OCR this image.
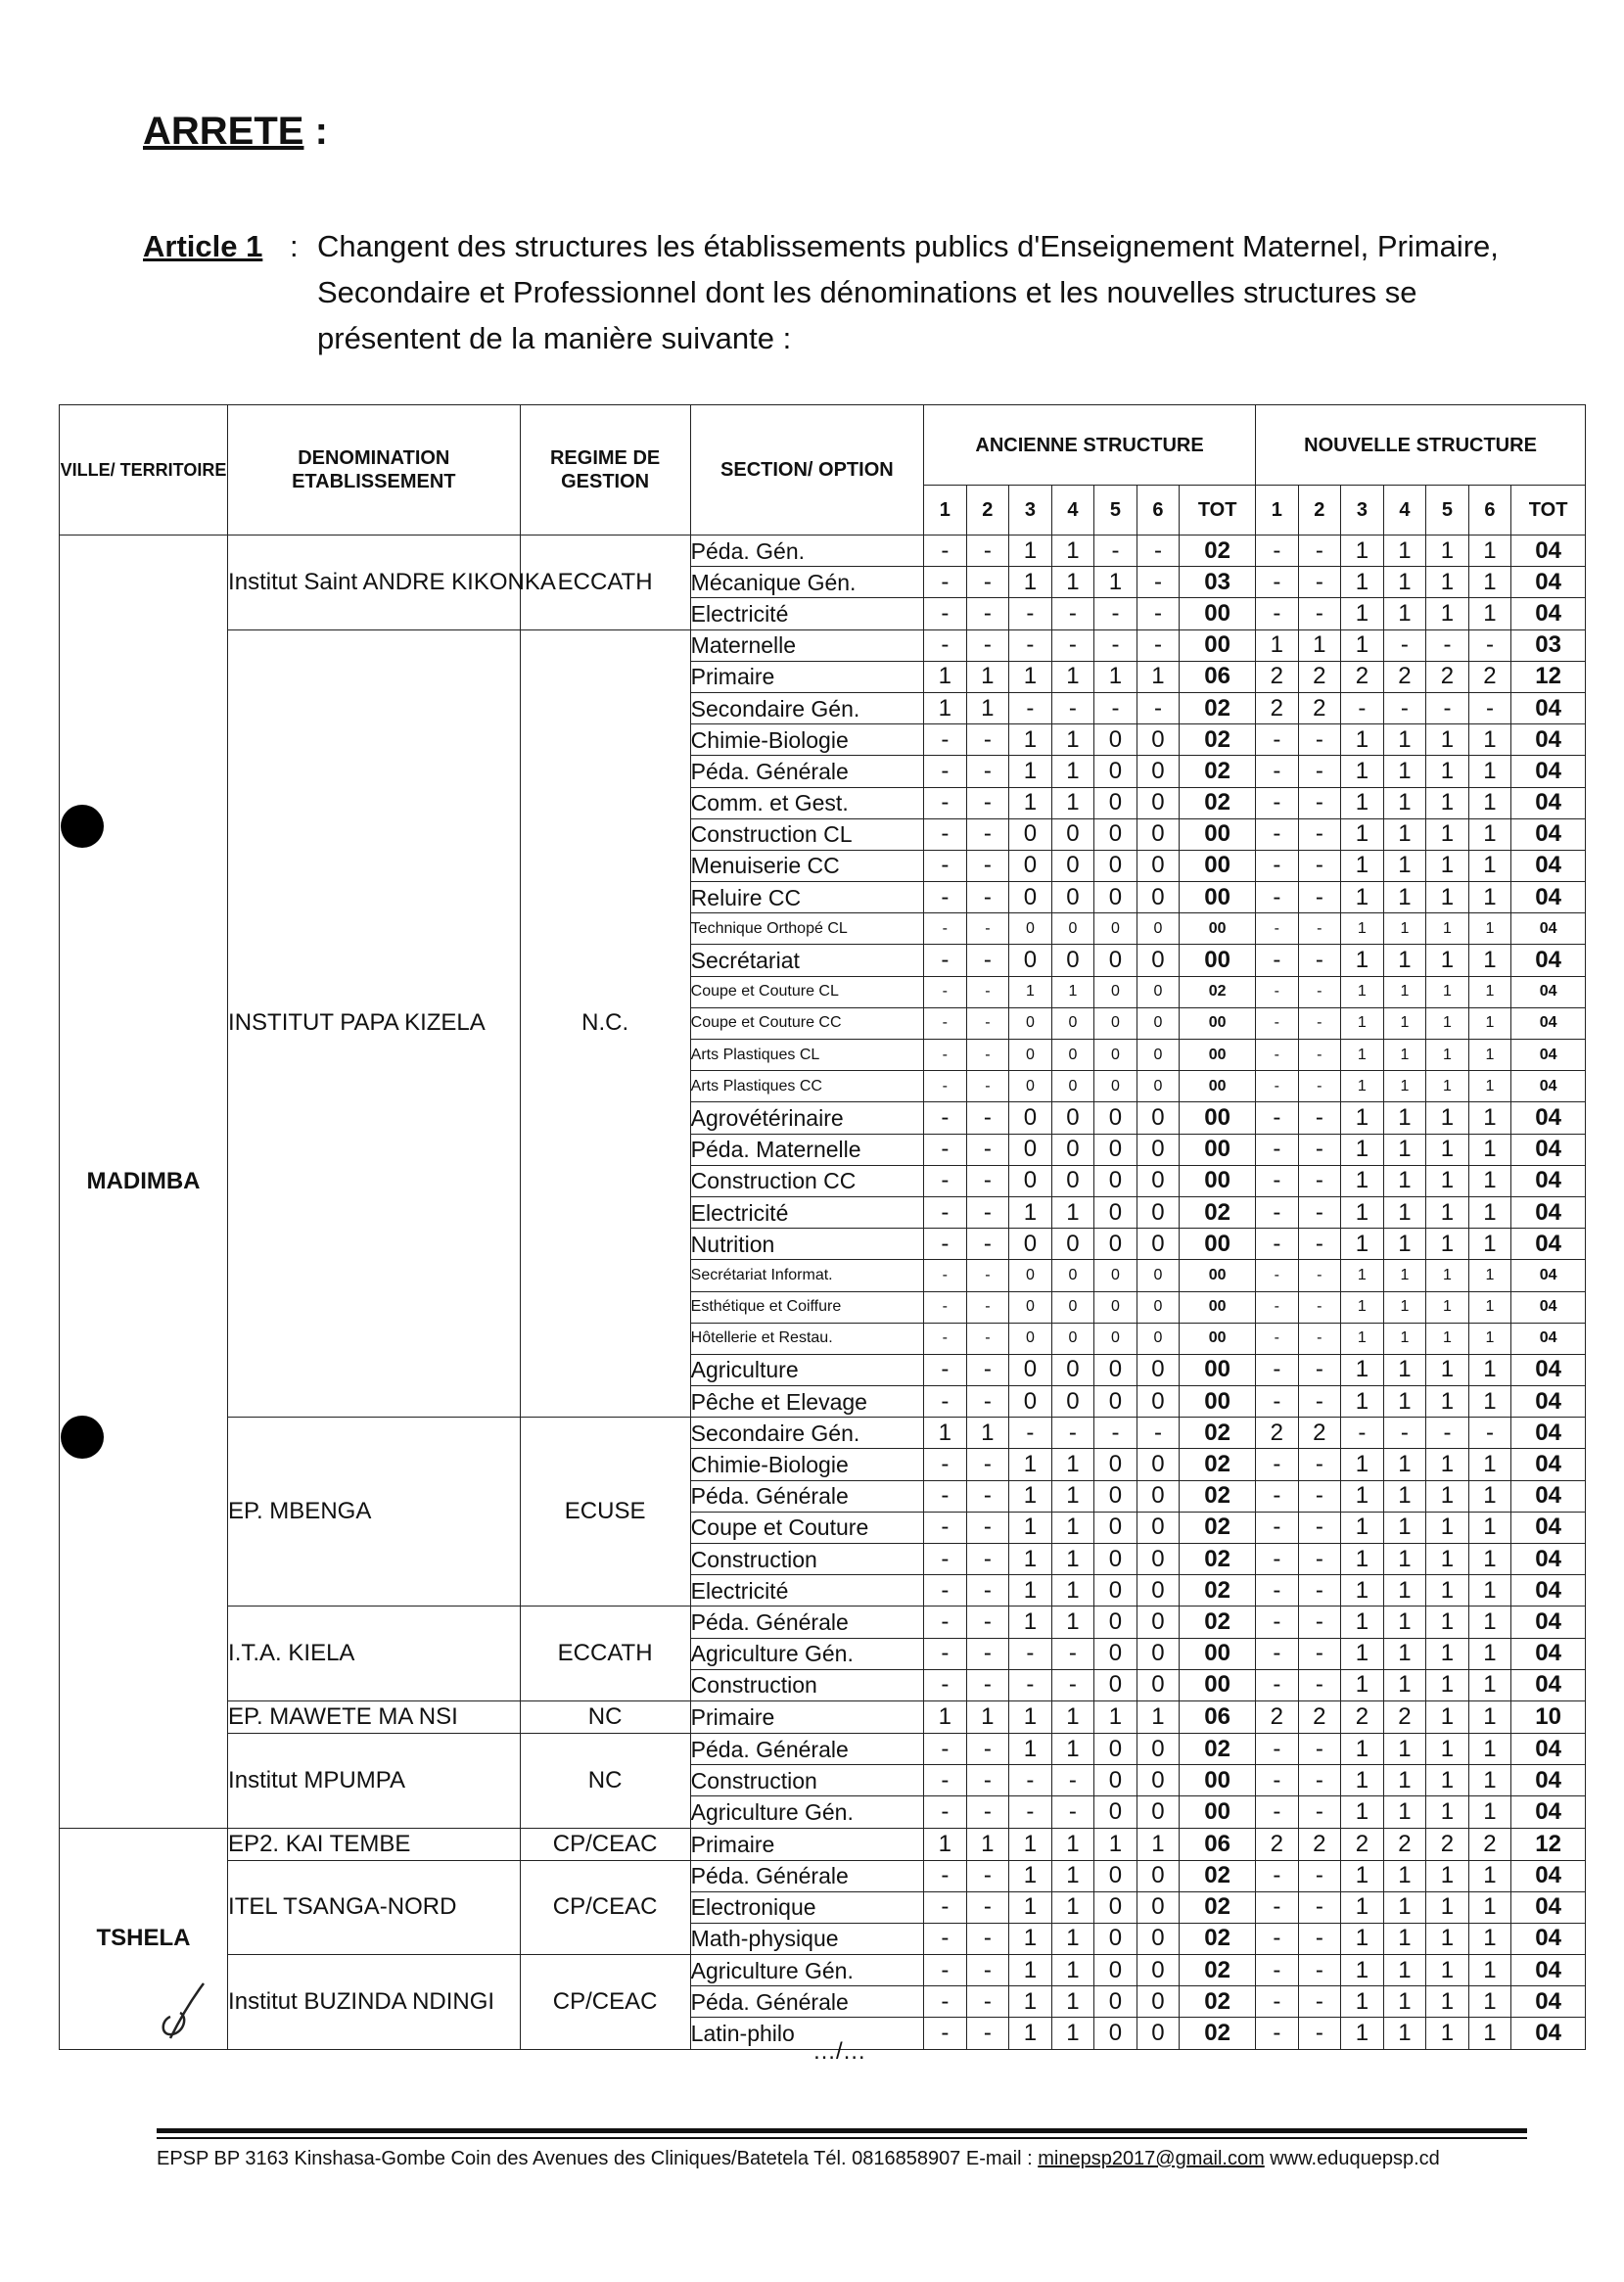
ARRETE :
Article 1 : Changent des structures les établissements publics d'Enseignement Maternel, Primaire, Secondaire et Professionnel dont les dénominations et les nouvelles structures se présentent de la manière suivante :
VILLE/ TERRITOIRE	DENOMINATION ETABLISSEMENT	REGIME DE GESTION	SECTION/ OPTION	ANCIENNE STRUCTURE							NOUVELLE STRUCTURE						
				1	2	3	4	5	6	TOT	1	2	3	4	5	6	TOT
MADIMBA	Institut Saint ANDRE KIKONKA	ECCATH	Péda. Gén.	-	-	1	1	-	-	02	-	-	1	1	1	1	04
			Mécanique Gén.	-	-	1	1	1	-	03	-	-	1	1	1	1	04
			Electricité	-	-	-	-	-	-	00	-	-	1	1	1	1	04
	INSTITUT PAPA KIZELA	N.C.	Maternelle	-	-	-	-	-	-	00	1	1	1	-	-	-	03
			Primaire	1	1	1	1	1	1	06	2	2	2	2	2	2	12
			Secondaire Gén.	1	1	-	-	-	-	02	2	2	-	-	-	-	04
			Chimie-Biologie	-	-	1	1	0	0	02	-	-	1	1	1	1	04
			Péda. Générale	-	-	1	1	0	0	02	-	-	1	1	1	1	04
			Comm. et Gest.	-	-	1	1	0	0	02	-	-	1	1	1	1	04
			Construction CL	-	-	0	0	0	0	00	-	-	1	1	1	1	04
			Menuiserie CC	-	-	0	0	0	0	00	-	-	1	1	1	1	04
			Reluire CC	-	-	0	0	0	0	00	-	-	1	1	1	1	04
			Technique Orthopé CL	-	-	0	0	0	0	00	-	-	1	1	1	1	04
			Secrétariat	-	-	0	0	0	0	00	-	-	1	1	1	1	04
			Coupe et Couture CL	-	-	1	1	0	0	02	-	-	1	1	1	1	04
			Coupe et Couture CC	-	-	0	0	0	0	00	-	-	1	1	1	1	04
			Arts Plastiques CL	-	-	0	0	0	0	00	-	-	1	1	1	1	04
			Arts Plastiques CC	-	-	0	0	0	0	00	-	-	1	1	1	1	04
			Agrovétérinaire	-	-	0	0	0	0	00	-	-	1	1	1	1	04
			Péda. Maternelle	-	-	0	0	0	0	00	-	-	1	1	1	1	04
			Construction CC	-	-	0	0	0	0	00	-	-	1	1	1	1	04
			Electricité	-	-	1	1	0	0	02	-	-	1	1	1	1	04
			Nutrition	-	-	0	0	0	0	00	-	-	1	1	1	1	04
			Secrétariat Informat.	-	-	0	0	0	0	00	-	-	1	1	1	1	04
			Esthétique et Coiffure	-	-	0	0	0	0	00	-	-	1	1	1	1	04
			Hôtellerie et Restau.	-	-	0	0	0	0	00	-	-	1	1	1	1	04
			Agriculture	-	-	0	0	0	0	00	-	-	1	1	1	1	04
			Pêche et Elevage	-	-	0	0	0	0	00	-	-	1	1	1	1	04
	EP. MBENGA	ECUSE	Secondaire Gén.	1	1	-	-	-	-	02	2	2	-	-	-	-	04
			Chimie-Biologie	-	-	1	1	0	0	02	-	-	1	1	1	1	04
			Péda. Générale	-	-	1	1	0	0	02	-	-	1	1	1	1	04
			Coupe et Couture	-	-	1	1	0	0	02	-	-	1	1	1	1	04
			Construction	-	-	1	1	0	0	02	-	-	1	1	1	1	04
			Electricité	-	-	1	1	0	0	02	-	-	1	1	1	1	04
	I.T.A. KIELA	ECCATH	Péda. Générale	-	-	1	1	0	0	02	-	-	1	1	1	1	04
			Agriculture Gén.	-	-	-	-	0	0	00	-	-	1	1	1	1	04
			Construction	-	-	-	-	0	0	00	-	-	1	1	1	1	04
	EP. MAWETE MA NSI	NC	Primaire	1	1	1	1	1	1	06	2	2	2	2	1	1	10
	Institut MPUMPA	NC	Péda. Générale	-	-	1	1	0	0	02	-	-	1	1	1	1	04
			Construction	-	-	-	-	0	0	00	-	-	1	1	1	1	04
			Agriculture Gén.	-	-	-	-	0	0	00	-	-	1	1	1	1	04
TSHELA	EP2. KAI TEMBE	CP/CEAC	Primaire	1	1	1	1	1	1	06	2	2	2	2	2	2	12
	ITEL TSANGA-NORD	CP/CEAC	Péda. Générale	-	-	1	1	0	0	02	-	-	1	1	1	1	04
			Electronique	-	-	1	1	0	0	02	-	-	1	1	1	1	04
			Math-physique	-	-	1	1	0	0	02	-	-	1	1	1	1	04
	Institut BUZINDA NDINGI	CP/CEAC	Agriculture Gén.	-	-	1	1	0	0	02	-	-	1	1	1	1	04
			Péda. Générale	-	-	1	1	0	0	02	-	-	1	1	1	1	04
			Latin-philo	-	-	1	1	0	0	02	-	-	1	1	1	1	04
…/…
EPSP BP 3163 Kinshasa-Gombe Coin des Avenues des Cliniques/Batetela Tél. 0816858907 E-mail : minepsp2017@gmail.com www.eduquepsp.cd
